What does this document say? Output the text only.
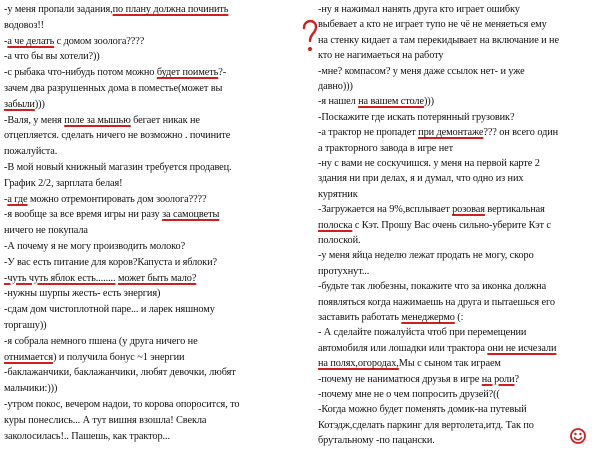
-у меня пропали задания,по плану должна починить
водовоз!!
-а че делать с домом зоолога????
-а что бы вы хотели?))
-с рыбака что-нибудь потом можно будет поиметь?-
зачем два разрушенных дома в поместье(может вы
забыли)))
-Валя, у меня поле за мышью бегает никак не
отцепляется. сделать ничего не возможно . почините
пожалуйста.
-В мой новый книжный магазин требуется продавец.
График 2/2, зарплата белая!
-а где можно отремонтировать дом зоолога????
-я вообще за все время игры ни разу за самоцветы
ничего не покупала
-А почему я не могу производить молоко?
-У вас есть питание для коров?Капуста и яблоки?
-чуть чуть яблок есть........ может быть мало?
-нужны шурпы жесть- есть энергия)
-сдам дом чистоплотной паре... и ларек няшному
торгашу))
-я собрала немного пшена (у друга ничего не
отнимается) и получила бонус ~1 энергии
-баклажанчики, баклажанчики, любят девочки, любят
мальчики:)))
-утром покос, вечером надои, то корова опоросится, то
куры понеслись... А тут вишня взошла! Свекла
заколосилась!.. Пашешь, как трактор...
-ну я нажимал нанять друга кто играет ошибку
выбевает а кто не играет тупо не чё не меняеться ему
на стенку кидает а там перекидывает на включание и не
кто не нагимаеться на работу
-мне? компасом? у меня даже ссылок нет- и уже
давно)))
-я нашел на вашем столе)))
-Поскажите где искать потерянный грузовик?
-а трактор не пропадет при демонтаже??? он всего один
а тракторного завода в игре нет
-ну с вами не соскучишся. у меня на первой карте 2
здания ни при делах, я и думал, что одно из них
курятник
-Загружается на 9%,всплывает розовая вертикальная
полоска с Кэт. Прошу Вас очень сильно-уберите Кэт с
полоской.
-у меня яйца неделю лежат продать не могу, скоро
протухнут...
-будьте так любезны, покажите что за иконка должна
появляться когда нажимаешь на друга и пытаешься его
заставить работать менеджермо (:
- А сделайте пожалуйста чтоб при перемещении
автомобиля или лошадки или трактора они не исчезали
на полях,огородах,Мы с сыном так играем
-почему не наниматюся друзья в игре на роли?
-почему мне не о чем попросить друзей?((
-Когда можно будет поменять домик-на путевый
Котэдж,сделать паркинг для вертолета,итд. Так по
брутальному -по пацански.
